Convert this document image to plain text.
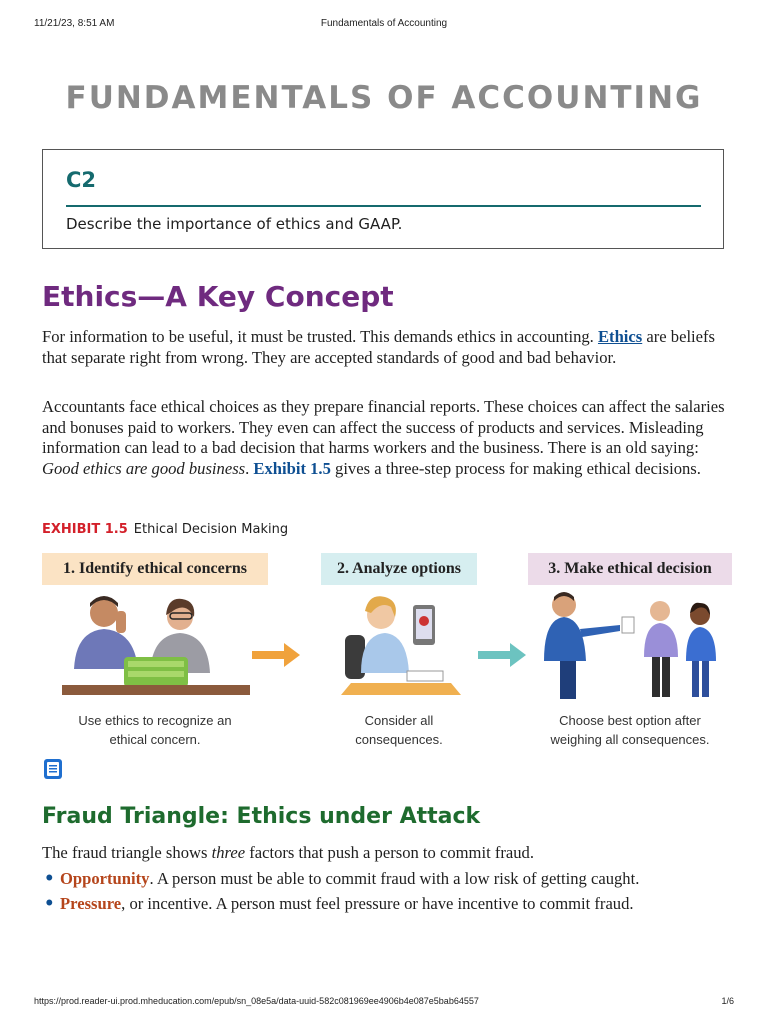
11/21/23, 8:51 AM	Fundamentals of Accounting
FUNDAMENTALS OF ACCOUNTING
C2
Describe the importance of ethics and GAAP.
Ethics—A Key Concept

For information to be useful, it must be trusted. This demands ethics in accounting. Ethics are beliefs that separate right from wrong. They are accepted standards of good and bad behavior.

Accountants face ethical choices as they prepare financial reports. These choices can affect the salaries and bonuses paid to workers. They even can affect the success of products and services. Misleading information can lead to a bad decision that harms workers and the business. There is an old saying: Good ethics are good business. Exhibit 1.5 gives a three-step process for making ethical decisions.

EXHIBIT 1.5 Ethical Decision Making
1. Identify ethical concerns
Use ethics to recognize an
ethical concern.
2. Analyze options
Consider all
consequences.
3. Make ethical decision
Choose best option after
weighing all consequences.
Fraud Triangle: Ethics under Attack

The fraud triangle shows three factors that push a person to commit fraud.

• Opportunity. A person must be able to commit fraud with a low risk of getting caught.
• Pressure, or incentive. A person must feel pressure or have incentive to commit fraud.
https://prod.reader-ui.prod.mheducation.com/epub/sn_08e5a/data-uuid-582c081969ee4906b4e087e5bab64557	1/6
